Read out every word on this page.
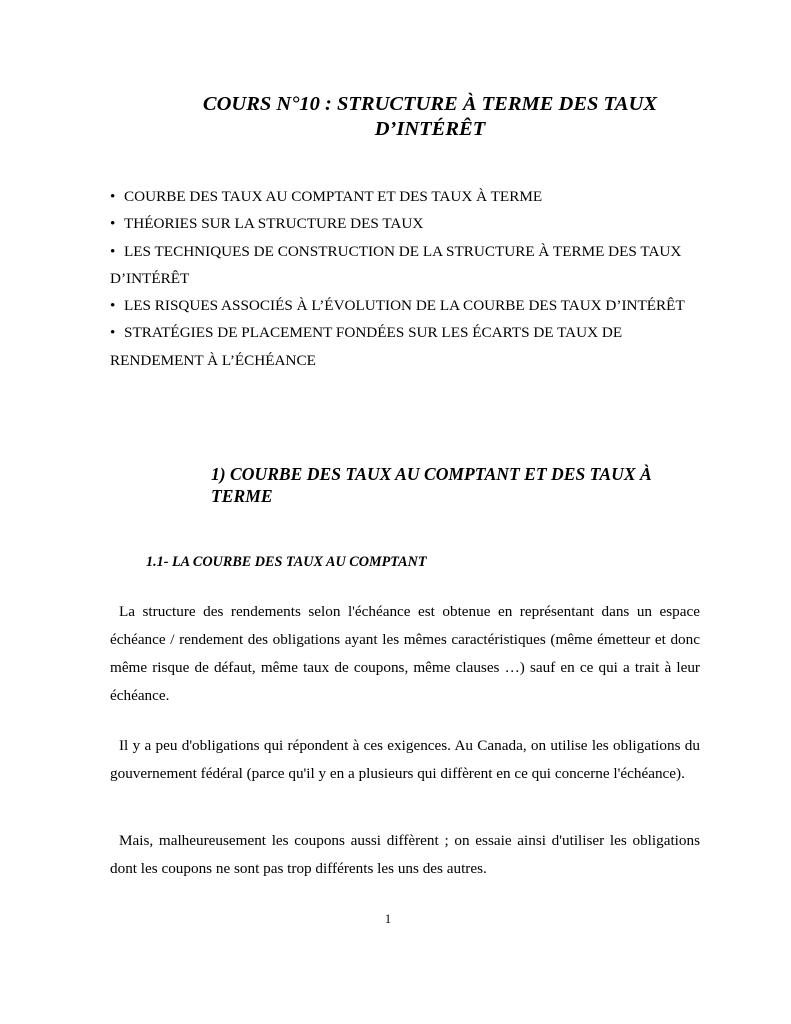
COURS N°10 : STRUCTURE À TERME DES TAUX
D’INTÉRÊT
• COURBE DES TAUX AU COMPTANT ET DES TAUX À TERME
• THÉORIES SUR LA STRUCTURE DES TAUX
• LES TECHNIQUES DE CONSTRUCTION DE LA STRUCTURE À TERME DES TAUX D’INTÉRÊT
• LES RISQUES ASSOCIÉS À L’ÉVOLUTION DE LA COURBE DES TAUX D’INTÉRÊT
• STRATÉGIES DE PLACEMENT FONDÉES SUR LES ÉCARTS DE TAUX DE RENDEMENT À L’ÉCHÉANCE
1) COURBE DES TAUX AU COMPTANT ET DES TAUX À TERME
1.1- LA COURBE DES TAUX AU COMPTANT

La structure des rendements selon l'échéance est obtenue en représentant dans un espace échéance / rendement des obligations ayant les mêmes caractéristiques (même émetteur et donc même risque de défaut, même taux de coupons, même clauses …) sauf en ce qui a trait à leur échéance.

Il y a peu d'obligations qui répondent à ces exigences. Au Canada, on utilise les obligations du gouvernement fédéral (parce qu'il y en a plusieurs qui diffèrent en ce qui concerne l'échéance).

Mais, malheureusement les coupons aussi diffèrent ; on essaie ainsi d'utiliser les obligations dont les coupons ne sont pas trop différents les uns des autres.

1
